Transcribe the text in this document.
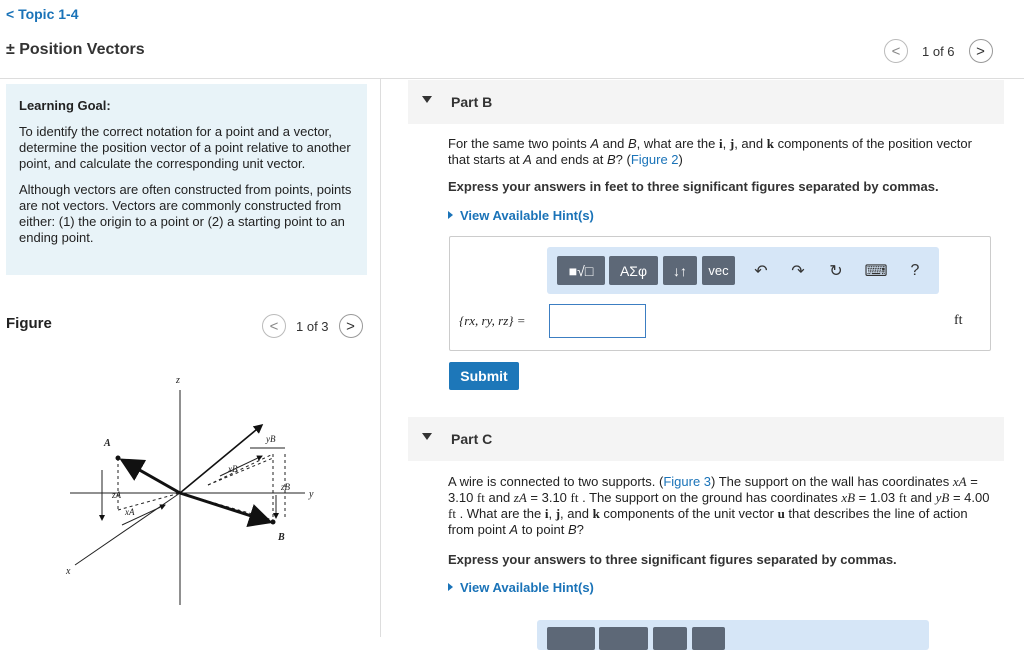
< Topic 1-4
± Position Vectors	< 1 of 6 >
Learning Goal:

To identify the correct notation for a point and a vector, determine the position vector of a point relative to another point, and calculate the corresponding unit vector.

Although vectors are often constructed from points, points are not vectors. Vectors are commonly constructed from either: (1) the origin to a point or (2) a starting point to an ending point.

Figure	< 1 of 3 >
z
y
x
A
B
zA
xA
yB
xB
zB
Part B
For the same two points A and B, what are the i, j, and k components of the position vector that starts at A and ends at B? (Figure 2)
Express your answers in feet to three significant figures separated by commas.
View Available Hint(s)
■√□ ΑΣφ ↓↑	vec	↶ ↷ ↻ ⌨	?
{rx, ry, rz} =	ft
Submit
Part C
A wire is connected to two supports. (Figure 3) The support on the wall has coordinates xA = 3.10 ft and zA = 3.10 ft . The support on the ground has coordinates xB = 1.03 ft and yB = 4.00 ft . What are the i, j, and k components of the unit vector u that describes the line of action from point A to point B?
Express your answers to three significant figures separated by commas.
View Available Hint(s)
